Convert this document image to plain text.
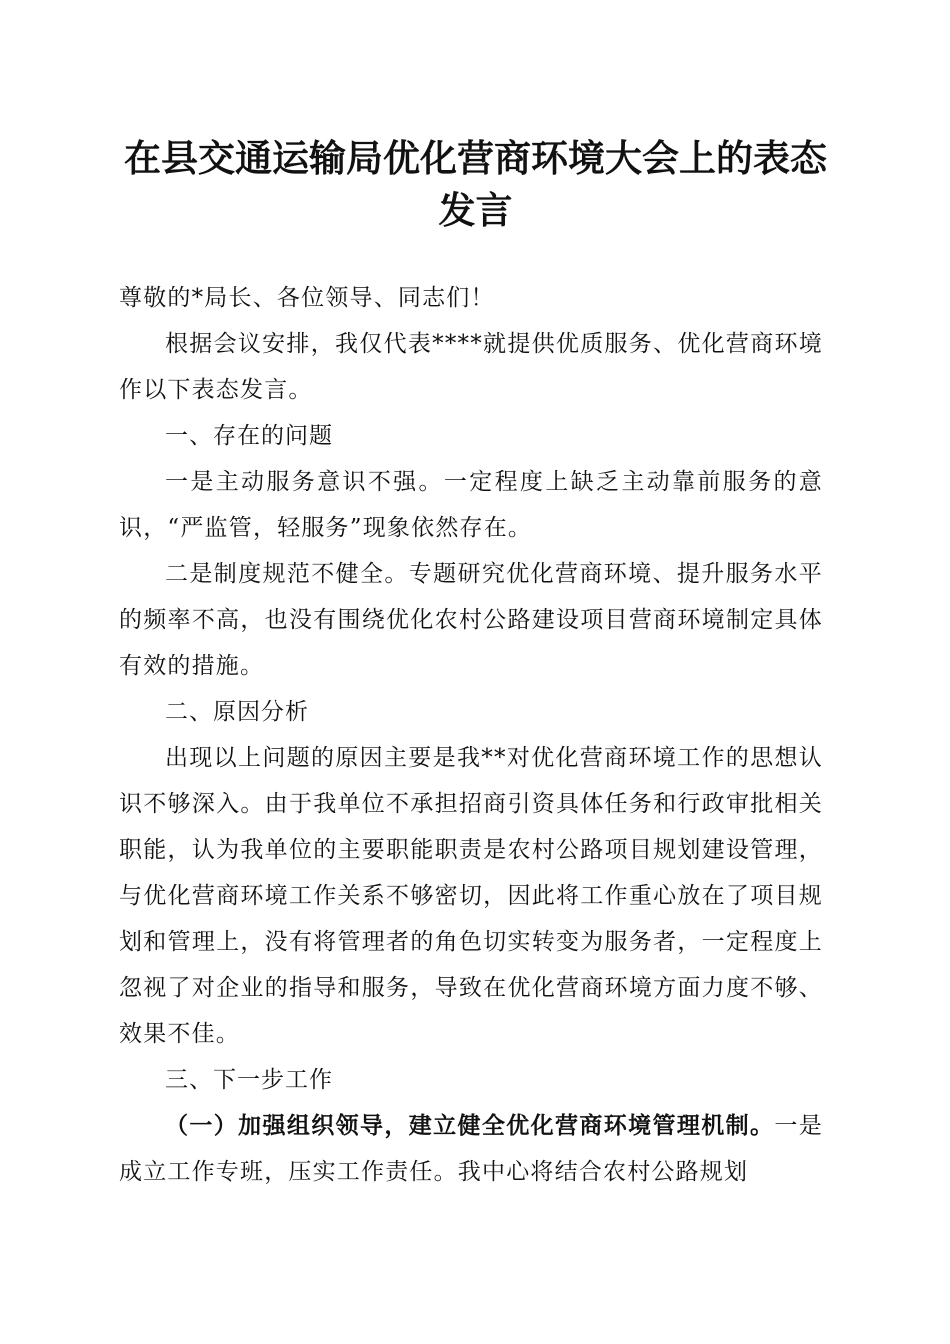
在县交通运输局优化营商环境大会上的表态发言

尊敬的*局长、各位领导、同志们！

根据会议安排，我仅代表****就提供优质服务、优化营商环境作以下表态发言。

一、存在的问题

一是主动服务意识不强。一定程度上缺乏主动靠前服务的意识，“严监管，轻服务”现象依然存在。

二是制度规范不健全。专题研究优化营商环境、提升服务水平的频率不高，也没有围绕优化农村公路建设项目营商环境制定具体有效的措施。

二、原因分析

出现以上问题的原因主要是我**对优化营商环境工作的思想认识不够深入。由于我单位不承担招商引资具体任务和行政审批相关职能，认为我单位的主要职能职责是农村公路项目规划建设管理，与优化营商环境工作关系不够密切，因此将工作重心放在了项目规划和管理上，没有将管理者的角色切实转变为服务者，一定程度上忽视了对企业的指导和服务，导致在优化营商环境方面力度不够、效果不佳。

三、下一步工作

（一）加强组织领导，建立健全优化营商环境管理机制。一是成立工作专班，压实工作责任。我中心将结合农村公路规划
